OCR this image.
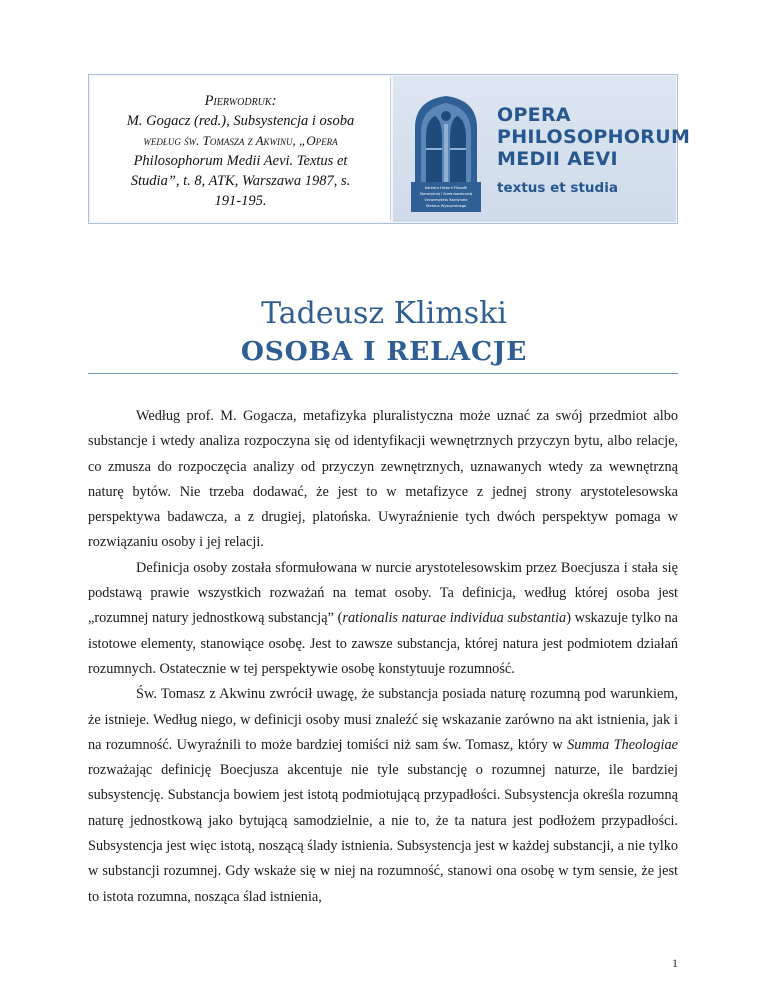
Pierwodruk:
M. Gogacz (red.), Subsystencja i osoba
według św. Tomasza z Akwinu, „Opera
Philosophorum Medii Aevi. Textus et
Studia”, t. 8, ATK, Warszawa 1987, s.
191-195.
Katedra Historii Filozofii
Starożytnej i Średniowiecznej
Uniwersytetu Kardynała
Stefana Wyszyńskiego
OPERA
PHILOSOPHORUM
MEDII AEVI
textus et studia
Tadeusz Klimski
OSOBA I RELACJE

Według prof. M. Gogacza, metafizyka pluralistyczna może uznać za swój przedmiot albo substancje i wtedy analiza rozpoczyna się od identyfikacji wewnętrznych przyczyn bytu, albo relacje, co zmusza do rozpoczęcia analizy od przyczyn zewnętrznych, uznawanych wtedy za wewnętrzną naturę bytów. Nie trzeba dodawać, że jest to w metafizyce z jednej strony arystotelesowska perspektywa badawcza, a z drugiej, platońska. Uwyraźnienie tych dwóch perspektyw pomaga w rozwiązaniu osoby i jej relacji.

Definicja osoby została sformułowana w nurcie arystotelesowskim przez Boecjusza i stała się podstawą prawie wszystkich rozważań na temat osoby. Ta definicja, według której osoba jest „rozumnej natury jednostkową substancją” (rationalis naturae individua substantia) wskazuje tylko na istotowe elementy, stanowiące osobę. Jest to zawsze substancja, której natura jest podmiotem działań rozumnych. Ostatecznie w tej perspektywie osobę konstytuuje rozumność.

Św. Tomasz z Akwinu zwrócił uwagę, że substancja posiada naturę rozumną pod warunkiem, że istnieje. Według niego, w definicji osoby musi znaleźć się wskazanie zarówno na akt istnienia, jak i na rozumność. Uwyraźnili to może bardziej tomiści niż sam św. Tomasz, który w Summa Theologiae rozważając definicję Boecjusza akcentuje nie tyle substancję o rozumnej naturze, ile bardziej subsystencję. Substancja bowiem jest istotą podmiotującą przypadłości. Subsystencja określa rozumną naturę jednostkową jako bytującą samodzielnie, a nie to, że ta natura jest podłożem przypadłości. Subsystencja jest więc istotą, noszącą ślady istnienia. Subsystencja jest w każdej substancji, a nie tylko w substancji rozumnej. Gdy wskaże się w niej na rozumność, stanowi ona osobę w tym sensie, że jest to istota rozumna, nosząca ślad istnienia,

1
